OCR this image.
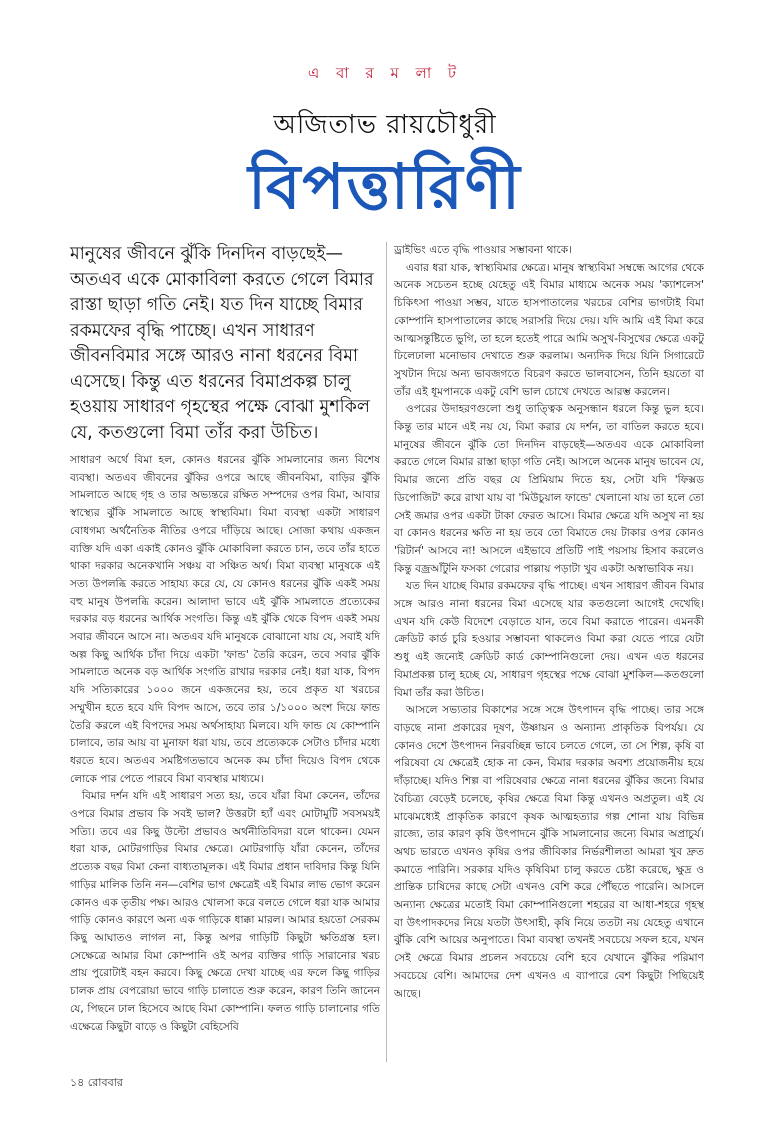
এ বা র ম লা ট
অজিতাভ রায়চৌধুরী
বিপত্তারিণী
মানুষের জীবনে ঝুঁকি দিনদিন বাড়ছেই—অতএব একে মোকাবিলা করতে গেলে বিমার রাস্তা ছাড়া গতি নেই। যত দিন যাচ্ছে বিমার রকমফের বৃদ্ধি পাচ্ছে। এখন সাধারণ জীবনবিমার সঙ্গে আরও নানা ধরনের বিমা এসেছে। কিন্তু এত ধরনের বিমাপ্রকল্প চালু হওয়ায় সাধারণ গৃহস্থের পক্ষে বোঝা মুশকিল যে, কতগুলো বিমা তাঁর করা উচিত।

সাধারণ অর্থে বিমা হল, কোনও ধরনের ঝুঁকি সামলানোর জন্য বিশেষ ব্যবস্থা। অতএব জীবনের ঝুঁকির ওপরে আছে জীবনবিমা, বাড়ির ঝুঁকি সামলাতে আছে গৃহ ও তার অভ্যন্তরে রক্ষিত সম্পদের ওপর বিমা, আবার স্বাস্থ্যের ঝুঁকি সামলাতে আছে স্বাস্থ্যবিমা। বিমা ব্যবস্থা একটা সাধারণ বোধগম্য অর্থনৈতিক নীতির ওপরে দাঁড়িয়ে আছে। সোজা কথায় একজন ব্যক্তি যদি একা একাই কোনও ঝুঁকি মোকাবিলা করতে চান, তবে তাঁর হাতে থাকা দরকার অনেকখানি সঞ্চয় বা সঞ্চিত অর্থ। বিমা ব্যবস্থা মানুষকে এই সত্য উপলব্ধি করতে সাহায্য করে যে, যে কোনও ধরনের ঝুঁকি একই সময় বহু মানুষ উপলব্ধি করেন। আলাদা ভাবে এই ঝুঁকি সামলাতে প্রত্যেকের দরকার বড় ধরনের আর্থিক সংগতি। কিন্তু এই ঝুঁকি থেকে বিপদ একই সময় সবার জীবনে আসে না। অতএব যদি মানুষকে বোঝানো যায় যে, সবাই যদি অল্প কিছু আর্থিক চাঁদা দিয়ে একটা 'ফান্ড' তৈরি করেন, তবে সবার ঝুঁকি সামলাতে অনেক বড় আর্থিক সংগতি রাখার দরকার নেই। ধরা যাক, বিপদ যদি সত্যিকারের ১০০০ জনে একজনের হয়, তবে প্রকৃত যা খরচের সম্মুখীন হতে হবে যদি বিপদ আসে, তবে তার ১/১০০০ অংশ দিয়ে ফান্ড তৈরি করলে এই বিপদের সময় অর্থসাহায্য মিলবে। যদি ফান্ড যে কোম্পানি চালাবে, তার আয় বা মুনাফা ধরা যায়, তবে প্রত্যেককে সেটাও চাঁদার মধ্যে ধরতে হবে। অতএব সমষ্টিগতভাবে অনেক কম চাঁদা দিয়েও বিপদ থেকে লোকে পার পেতে পারবে বিমা ব্যবস্থার মাধ্যমে।

বিমার দর্শন যদি এই সাধারণ সত্য হয়, তবে যাঁরা বিমা কেনেন, তাঁদের ওপরে বিমার প্রভাব কি সবই ভাল? উত্তরটা হ্যাঁ এবং মোটামুটি সবসময়ই সত্যি। তবে এর কিছু উল্টো প্রভাবও অর্থনীতিবিদরা বলে থাকেন। যেমন ধরা যাক, মোটরগাড়ির বিমার ক্ষেত্রে। মোটরগাড়ি যাঁরা কেনেন, তাঁদের প্রত্যেক বছর বিমা কেনা বাধ্যতামূলক। এই বিমার প্রধান দাবিদার কিন্তু যিনি গাড়ির মালিক তিনি নন—বেশির ভাগ ক্ষেত্রেই এই বিমার লাভ ভোগ করেন কোনও এক তৃতীয় পক্ষ। আরও খোলসা করে বলতে গেলে ধরা যাক আমার গাড়ি কোনও কারণে অন্য এক গাড়িকে ধাক্কা মারল। আমার হয়তো সেরকম কিছু আঘাতও লাগল না, কিন্তু অপর গাড়িটি কিছুটা ক্ষতিগ্রস্ত হল। সেক্ষেত্রে আমার বিমা কোম্পানি ওই অপর ব্যক্তির গাড়ি সারানোর খরচ প্রায় পুরোটাই বহন করবে। কিছু ক্ষেত্রে দেখা যাচ্ছে এর ফলে কিছু গাড়ির চালক প্রায় বেপরোয়া ভাবে গাড়ি চালাতে শুরু করেন, কারণ তিনি জানেন যে, পিছনে ঢাল হিসেবে আছে বিমা কোম্পানি। ফলত গাড়ি চালানোর গতি এক্ষেত্রে কিছুটা বাড়ে ও কিছুটা বেহিসেবি

ড্রাইভিং এতে বৃদ্ধি পাওয়ার সম্ভাবনা থাকে।

এবার ধরা যাক, স্বাস্থ্যবিমার ক্ষেত্রে। মানুষ স্বাস্থ্যবিমা সম্বন্ধে আগের থেকে অনেক সচেতন হচ্ছে যেহেতু এই বিমার মাধ্যমে অনেক সময় 'ক্যাশলেস' চিকিৎসা পাওয়া সম্ভব, যাতে হাসপাতালের খরচের বেশির ভাগটাই বিমা কোম্পানি হাসপাতালের কাছে সরাসরি দিয়ে দেয়। যদি আমি এই বিমা করে আত্মসন্তুষ্টিতে ভুগি, তা হলে হতেই পারে আমি অসুখ-বিসুখের ক্ষেত্রে একটু ঢিলেঢালা মনোভাব দেখাতে শুরু করলাম। অন্যদিক দিয়ে যিনি সিগারেটে সুখটান দিয়ে অন্য ভাবজগতে বিচরণ করতে ভালবাসেন, তিনি হয়তো বা তাঁর এই ধূমপানকে একটু বেশি ভাল চোখে দেখতে আরম্ভ করলেন।

ওপরের উদাহরণগুলো শুধু তাত্ত্বিক অনুসন্ধান ধরলে কিন্তু ভুল হবে। কিন্তু তার মানে এই নয় যে, বিমা করার যে দর্শন, তা বাতিল করতে হবে। মানুষের জীবনে ঝুঁকি তো দিনদিন বাড়ছেই—অতএব একে মোকাবিলা করতে গেলে বিমার রাস্তা ছাড়া গতি নেই। আসলে অনেক মানুষ ভাবেন যে, বিমার জন্যে প্রতি বছর যে প্রিমিয়াম দিতে হয়, সেটা যদি 'ফিক্সড ডিপোজিট' করে রাখা যায় বা 'মিউচুয়াল ফান্ডে' খেলানো যায় তা হলে তো সেই জমার ওপর একটা টাকা ফেরত আসে। বিমার ক্ষেত্রে যদি অসুখ না হয় বা কোনও ধরনের ক্ষতি না হয় তবে তো বিমাতে দেয় টাকার ওপর কোনও 'রিটার্ন' আসবে না! আসলে এইভাবে প্রতিটি পাই পয়সায় হিসাব করলেও কিন্তু বজ্রআঁটুনি ফসকা গেরোর পাল্লায় পড়াটা খুব একটা অস্বাভাবিক নয়।

যত দিন যাচ্ছে বিমার রকমফের বৃদ্ধি পাচ্ছে। এখন সাধারণ জীবন বিমার সঙ্গে আরও নানা ধরনের বিমা এসেছে যার কতগুলো আগেই দেখেছি। এখন যদি কেউ বিদেশে বেড়াতে যান, তবে বিমা করাতে পারেন। এমনকী ক্রেডিট কার্ড চুরি হওয়ার সম্ভাবনা থাকলেও বিমা করা যেতে পারে যেটা শুধু এই জন্যেই ক্রেডিট কার্ড কোম্পানিগুলো দেয়। এখন এত ধরনের বিমাপ্রকল্প চালু হচ্ছে যে, সাধারণ গৃহস্থের পক্ষে বোঝা মুশকিল—কতগুলো বিমা তাঁর করা উচিত।

আসলে সভ্যতার বিকাশের সঙ্গে সঙ্গে উৎপাদন বৃদ্ধি পাচ্ছে। তার সঙ্গে বাড়ছে নানা প্রকারের দূষণ, উষ্ণায়ন ও অন্যান্য প্রাকৃতিক বিপর্যয়। যে কোনও দেশে উৎপাদন নিরবচ্ছিন্ন ভাবে চলতে গেলে, তা সে শিল্প, কৃষি বা পরিষেবা যে ক্ষেত্রেই হোক না কেন, বিমার দরকার অবশ্য প্রয়োজনীয় হয়ে দাঁড়াচ্ছে। যদিও শিল্প বা পরিষেবার ক্ষেত্রে নানা ধরনের ঝুঁকির জন্যে বিমার বৈচিত্র্য বেড়েই চলেছে, কৃষির ক্ষেত্রে বিমা কিন্তু এখনও অপ্রতুল। এই যে মাঝেমধ্যেই প্রাকৃতিক কারণে কৃষক আত্মহত্যার গল্প শোনা যায় বিভিন্ন রাজ্যে, তার কারণ কৃষি উৎপাদনে ঝুঁকি সামলানোর জন্যে বিমার অপ্রাচুর্য। অথচ ভারতে এখনও কৃষির ওপর জীবিকার নির্ভরশীলতা আমরা খুব দ্রুত কমাতে পারিনি। সরকার যদিও কৃষিবিমা চালু করতে চেষ্টা করেছে, ক্ষুদ্র ও প্রান্তিক চাষিদের কাছে সেটা এখনও বেশি করে পৌঁছতে পারেনি। আসলে অন্যান্য ক্ষেত্রের মতোই বিমা কোম্পানিগুলো শহরের বা আধা-শহরে গৃহস্থ বা উৎপাদকদের নিয়ে যতটা উৎসাহী, কৃষি নিয়ে ততটা নয় যেহেতু এখানে ঝুঁকি বেশি আয়ের অনুপাতে। বিমা ব্যবস্থা তখনই সবচেয়ে সফল হবে, যখন সেই ক্ষেত্রে বিমার প্রচলন সবচেয়ে বেশি হবে যেখানে ঝুঁকির পরিমাণ সবচেয়ে বেশি। আমাদের দেশ এখনও এ ব্যাপারে বেশ কিছুটা পিছিয়েই আছে।

১৪ রোববার
